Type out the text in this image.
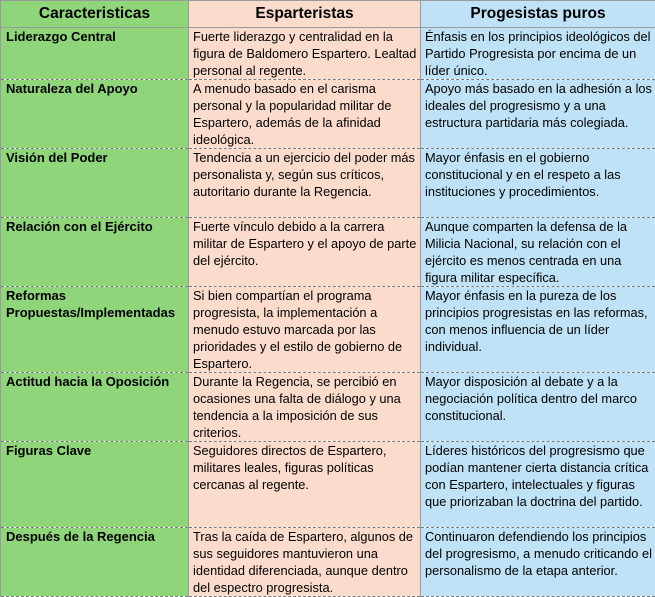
Caracteristicas	Esparteristas	Progesistas puros
Liderazgo Central	Fuerte liderazgo y centralidad en la figura de Baldomero Espartero. Lealtad personal al regente.	Énfasis en los principios ideológicos del Partido Progresista por encima de un líder único.
Naturaleza del Apoyo	A menudo basado en el carisma personal y la popularidad militar de Espartero, además de la afinidad ideológica.	Apoyo más basado en la adhesión a los ideales del progresismo y a una estructura partidaria más colegiada.
Visión del Poder	Tendencia a un ejercicio del poder más personalista y, según sus críticos, autoritario durante la Regencia.	Mayor énfasis en el gobierno constitucional y en el respeto a las instituciones y procedimientos.
Relación con el Ejército	Fuerte vínculo debido a la carrera militar de Espartero y el apoyo de parte del ejército.	Aunque comparten la defensa de la Milicia Nacional, su relación con el ejército es menos centrada en una figura militar específica.
Reformas Propuestas/Implementadas	Si bien compartían el programa progresista, la implementación a menudo estuvo marcada por las prioridades y el estilo de gobierno de Espartero.	Mayor énfasis en la pureza de los principios progresistas en las reformas, con menos influencia de un líder individual.
Actitud hacia la Oposición	Durante la Regencia, se percibió en ocasiones una falta de diálogo y una tendencia a la imposición de sus criterios.	Mayor disposición al debate y a la negociación política dentro del marco constitucional.
Figuras Clave	Seguidores directos de Espartero, militares leales, figuras políticas cercanas al regente.	Líderes históricos del progresismo que podían mantener cierta distancia crítica con Espartero, intelectuales y figuras que priorizaban la doctrina del partido.
Después de la Regencia	Tras la caída de Espartero, algunos de sus seguidores mantuvieron una identidad diferenciada, aunque dentro del espectro progresista.	Continuaron defendiendo los principios del progresismo, a menudo criticando el personalismo de la etapa anterior.
